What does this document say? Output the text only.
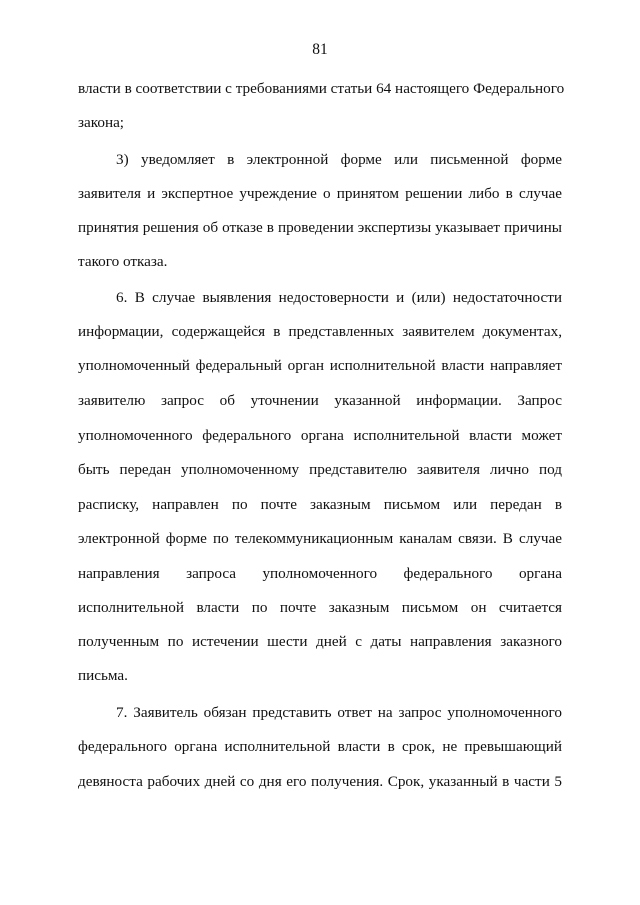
81
власти в соответствии с требованиями статьи 64 настоящего Федерального
закона;
3) уведомляет в электронной форме или письменной форме
заявителя и экспертное учреждение о принятом решении либо в случае
принятия решения об отказе в проведении экспертизы указывает причины
такого отказа.
6. В случае выявления недостоверности и (или) недостаточности
информации, содержащейся в представленных заявителем документах,
уполномоченный федеральный орган исполнительной власти направляет
заявителю запрос об уточнении указанной информации. Запрос
уполномоченного федерального органа исполнительной власти может
быть передан уполномоченному представителю заявителя лично под
расписку, направлен по почте заказным письмом или передан в
электронной форме по телекоммуникационным каналам связи. В случае
направления запроса уполномоченного федерального органа
исполнительной власти по почте заказным письмом он считается
полученным по истечении шести дней с даты направления заказного
письма.
7. Заявитель обязан представить ответ на запрос уполномоченного
федерального органа исполнительной власти в срок, не превышающий
девяноста рабочих дней со дня его получения. Срок, указанный в части 5
